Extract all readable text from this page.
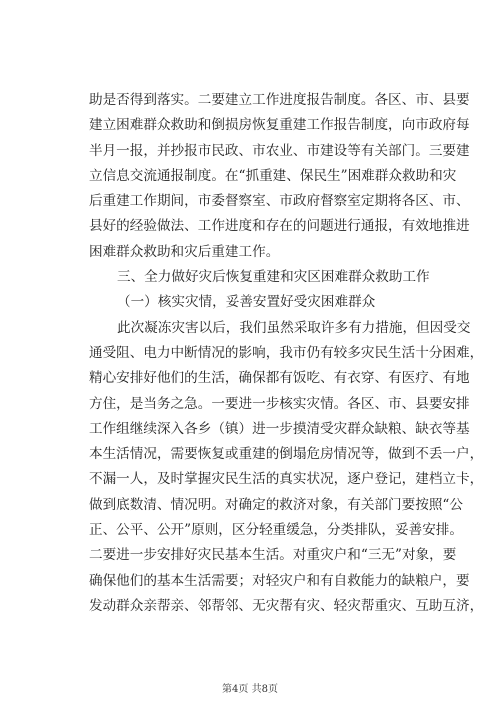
助是否得到落实。二要建立工作进度报告制度。各区、市、县要
建立困难群众救助和倒损房恢复重建工作报告制度，向市政府每
半月一报，并抄报市民政、市农业、市建设等有关部门。三要建
立信息交流通报制度。在“抓重建、保民生”困难群众救助和灾
后重建工作期间，市委督察室、市政府督察室定期将各区、市、
县好的经验做法、工作进度和存在的问题进行通报，有效地推进
困难群众救助和灾后重建工作。
三、全力做好灾后恢复重建和灾区困难群众救助工作
（一）核实灾情，妥善安置好受灾困难群众
此次凝冻灾害以后，我们虽然采取许多有力措施，但因受交
通受阻、电力中断情况的影响，我市仍有较多灾民生活十分困难，
精心安排好他们的生活，确保都有饭吃、有衣穿、有医疗、有地
方住，是当务之急。一要进一步核实灾情。各区、市、县要安排
工作组继续深入各乡（镇）进一步摸清受灾群众缺粮、缺衣等基
本生活情况，需要恢复或重建的倒塌危房情况等，做到不丢一户，
不漏一人，及时掌握灾民生活的真实状况，逐户登记，建档立卡，
做到底数清、情况明。对确定的救济对象，有关部门要按照“公
正、公平、公开”原则，区分轻重缓急，分类排队，妥善安排。
二要进一步安排好灾民基本生活。对重灾户和“三无”对象，要
确保他们的基本生活需要；对轻灾户和有自救能力的缺粮户，要
发动群众亲帮亲、邻帮邻、无灾帮有灾、轻灾帮重灾、互助互济，
第4页 共8页
